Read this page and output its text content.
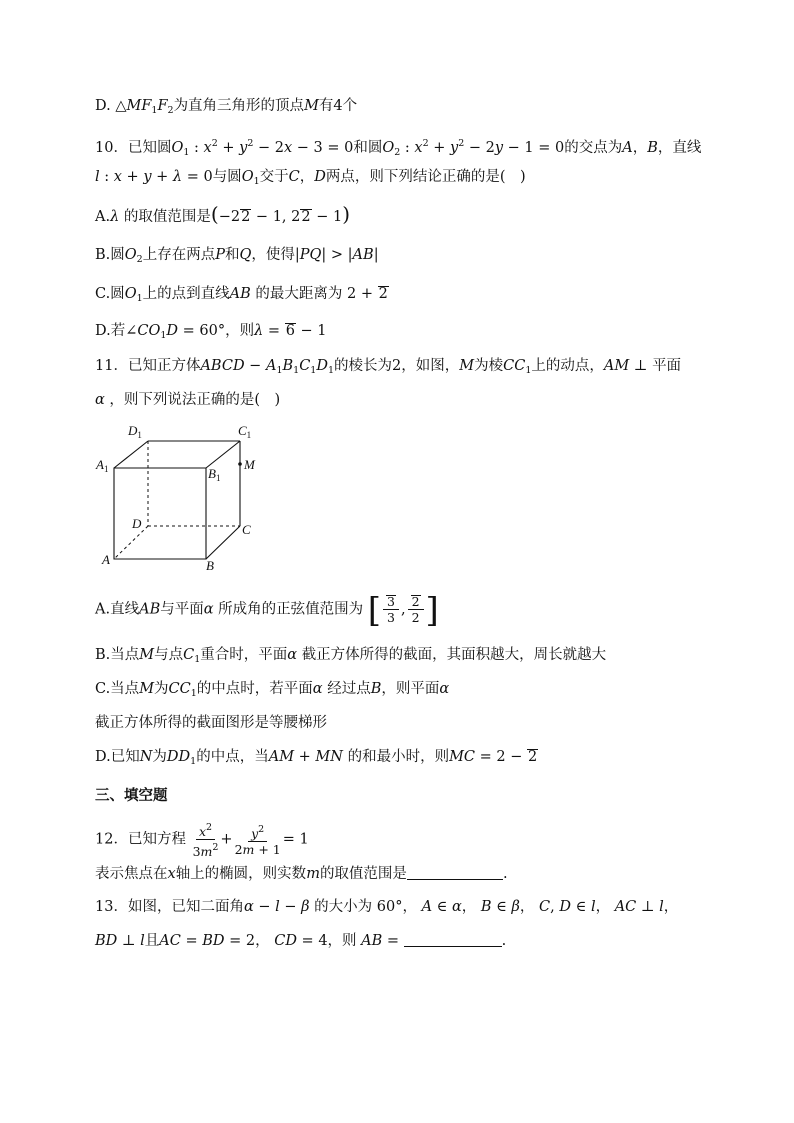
D. $\triangle MF_1F_2$为直角三角形的顶点M有4个
10．已知圆$O_1$ : $x^2 + y^2 - 2x - 3 = 0$和圆$O_2$ : $x^2 + y^2 - 2y - 1 = 0$的交点为A，B，直线
l : x + y + λ = 0与圆$O_1$交于C，D两点，则下列结论正确的是(　)
A.λ 的取值范围是(−22 − 1, 22 − 1)
B.圆$O_2$上存在两点P和Q，使得|PQ| > |AB|
C.圆$O_1$上的点到直线AB 的最大距离为 2 + 2
D.若$\angle CO_1D = 60^\circ$，则λ = 6 − 1
11．已知正方体ABCD − $A_1B_1C_1D_1$的棱长为2，如图，M为棱$CC_1$上的动点，AM ⊥ 平面
α ，则下列说法正确的是(　)
$D_1$	$C_1$
$A_1$	$B_1$
M
D	C
A	B
A.直线AB与平面α 所成角的正弦值范围为 [ $\frac{3}{3}$ , $\frac{2}{2}$ ]
B.当点M与点$C_1$重合时，平面α 截正方体所得的截面，其面积越大，周长就越大
C.当点M为$CC_1$的中点时，若平面α 经过点B，则平面α
截正方体所得的截面图形是等腰梯形
D.已知N为$DD_1$的中点，当AM + MN 的和最小时，则MC = 2 − 2
三、填空题
12．已知方程 $\frac{x^2}{3m^2} + \frac{y^2}{2m + 1} = 1$
表示焦点在x轴上的椭圆，则实数m的取值范围是	.
13．如图，已知二面角α − l − β 的大小为 60°， A ∈ α， B ∈ β， C, D ∈ l， AC ⊥ l，
BD ⊥ l且AC = BD = 2， CD = 4，则 AB =	.
